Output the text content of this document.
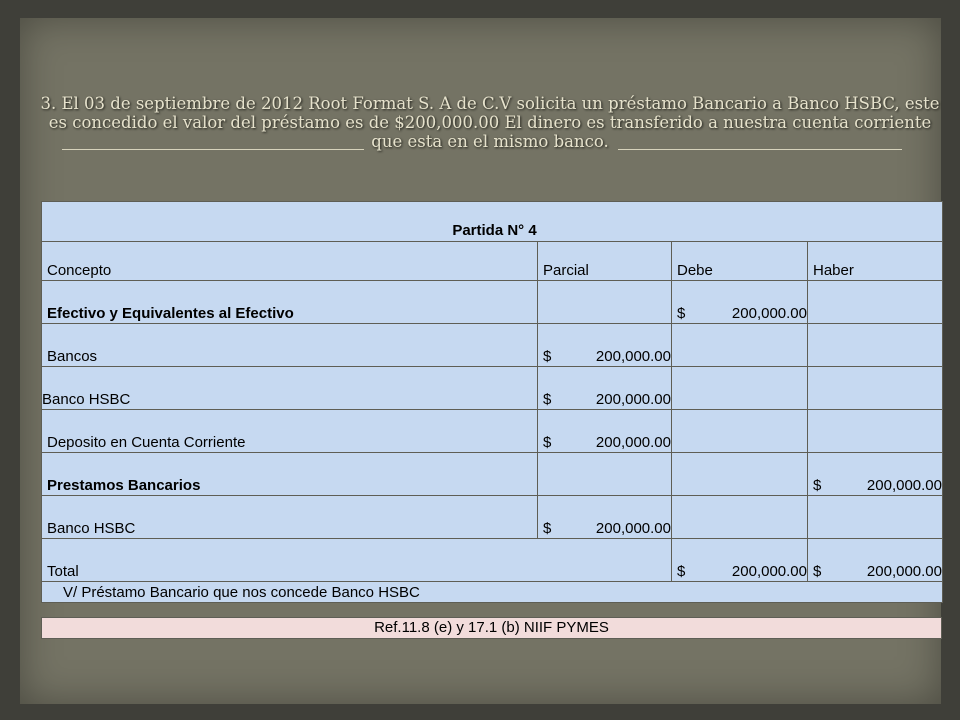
3. El 03 de septiembre de 2012 Root Format S. A de C.V solicita un préstamo Bancario a Banco HSBC, este
es concedido el valor del préstamo es de $200,000.00 El dinero es transferido a nuestra cuenta corriente
que esta en el mismo banco.
Partida N° 4			
Concepto	Parcial	Debe	Haber
Efectivo y Equivalentes al Efectivo		$ 200,000.00	

Bancos	$ 200,000.00		

Banco HSBC	$ 200,000.00		

Deposito en Cuenta Corriente	$ 200,000.00		

Prestamos Bancarios			$ 200,000.00

Banco HSBC	$ 200,000.00		

Total		$ 200,000.00	$ 200,000.00

V/ Préstamo Bancario que nos concede Banco HSBC			
Ref.11.8 (e) y 17.1 (b) NIIF PYMES
